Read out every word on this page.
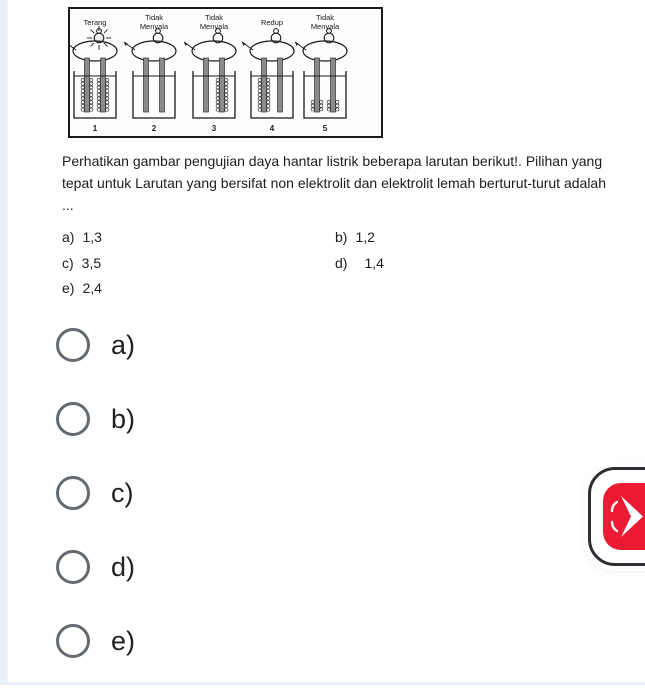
Terang
1
Tidak
Menyala
2
Tidak
Menyala
3
Redup
4
Tidak
Menyala
5
Perhatikan gambar pengujian daya hantar listrik beberapa larutan berikut!. Pilihan yang tepat untuk Larutan yang bersifat non elektrolit dan elektrolit lemah berturut-turut adalah
...
a) 1,3	b) 1,2
c) 3,5	d) 1,4
e) 2,4
a)
b)
c)
d)
e)
